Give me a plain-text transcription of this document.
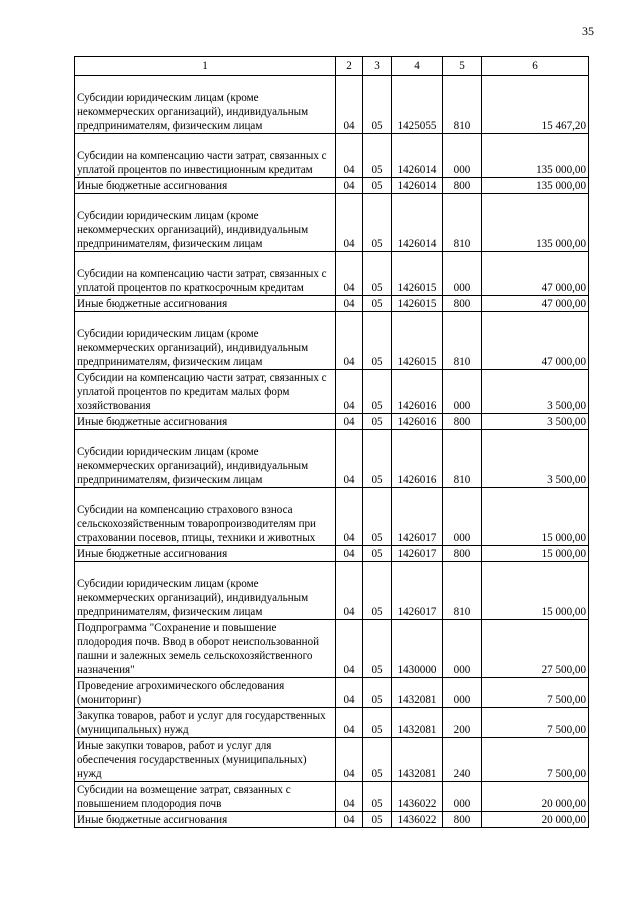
35
1	2	3	4	5	6
Субсидии юридическим лицам (кроме некоммерческих организаций), индивидуальным предпринимателям, физическим лицам	04	05	1425055	810	15 467,20
Субсидии на компенсацию части затрат, связанных с уплатой процентов по инвестиционным кредитам	04	05	1426014	000	135 000,00
Иные бюджетные ассигнования	04	05	1426014	800	135 000,00
Субсидии юридическим лицам (кроме некоммерческих организаций), индивидуальным предпринимателям, физическим лицам	04	05	1426014	810	135 000,00
Субсидии на компенсацию части затрат, связанных с уплатой процентов по краткосрочным кредитам	04	05	1426015	000	47 000,00
Иные бюджетные ассигнования	04	05	1426015	800	47 000,00
Субсидии юридическим лицам (кроме некоммерческих организаций), индивидуальным предпринимателям, физическим лицам	04	05	1426015	810	47 000,00
Субсидии на компенсацию части затрат, связанных с уплатой процентов по кредитам малых форм хозяйствования	04	05	1426016	000	3 500,00
Иные бюджетные ассигнования	04	05	1426016	800	3 500,00
Субсидии юридическим лицам (кроме некоммерческих организаций), индивидуальным предпринимателям, физическим лицам	04	05	1426016	810	3 500,00
Субсидии на компенсацию страхового взноса сельскохозяйственным товаропроизводителям при страховании посевов, птицы, техники и животных	04	05	1426017	000	15 000,00
Иные бюджетные ассигнования	04	05	1426017	800	15 000,00
Субсидии юридическим лицам (кроме некоммерческих организаций), индивидуальным предпринимателям, физическим лицам	04	05	1426017	810	15 000,00
Подпрограмма "Сохранение и повышение плодородия почв. Ввод в оборот неиспользованной пашни и залежных земель сельскохозяйственного назначения"	04	05	1430000	000	27 500,00
Проведение агрохимического обследования (мониторинг)	04	05	1432081	000	7 500,00
Закупка товаров, работ и услуг для государственных (муниципальных) нужд	04	05	1432081	200	7 500,00
Иные закупки товаров, работ и услуг для обеспечения государственных (муниципальных) нужд	04	05	1432081	240	7 500,00
Субсидии на возмещение затрат, связанных с повышением плодородия почв	04	05	1436022	000	20 000,00
Иные бюджетные ассигнования	04	05	1436022	800	20 000,00
